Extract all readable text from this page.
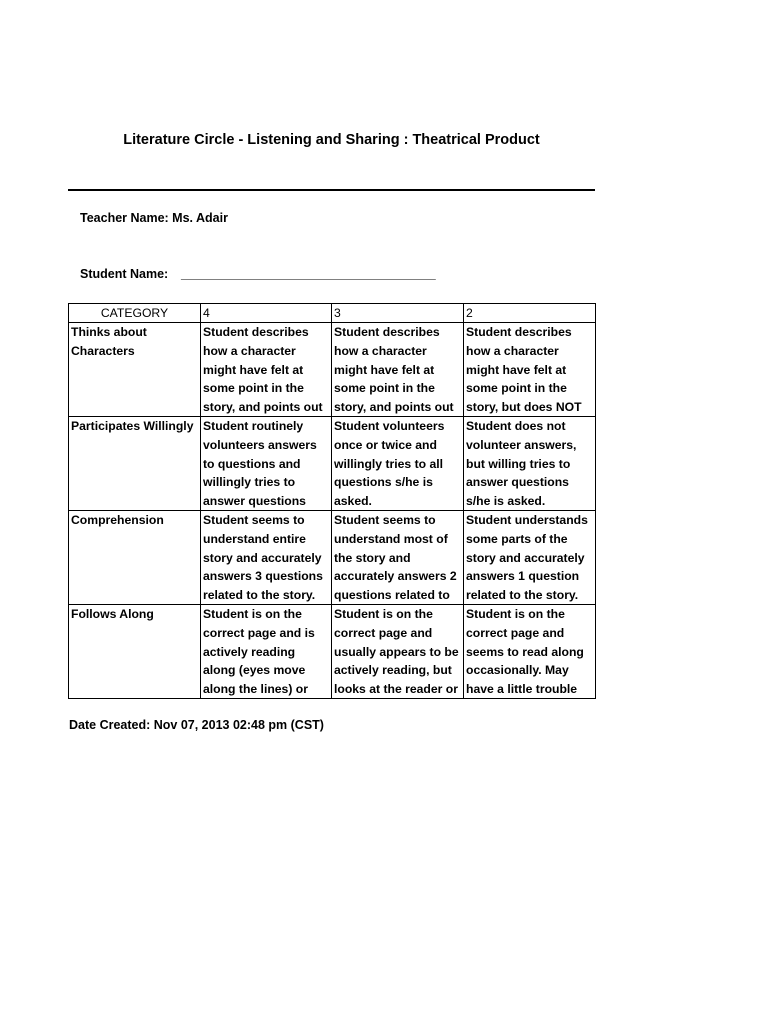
Literature Circle - Listening and Sharing : Theatrical Product
Teacher Name: Ms. Adair
Student Name: ________________________________________
CATEGORY	4	3	2

Thinks about Characters	Student describes how a character might have felt at some point in the story, and points out	Student describes how a character might have felt at some point in the story, and points out	Student describes how a character might have felt at some point in the story, but does NOT

Participates Willingly	Student routinely volunteers answers to questions and willingly tries to answer questions	Student volunteers once or twice and willingly tries to all questions s/he is asked.	Student does not volunteer answers, but willing tries to answer questions s/he is asked.

Comprehension	Student seems to understand entire story and accurately answers 3 questions related to the story.	Student seems to understand most of the story and accurately answers 2 questions related to	Student understands some parts of the story and accurately answers 1 question related to the story.

Follows Along	Student is on the correct page and is actively reading along (eyes move along the lines) or	Student is on the correct page and usually appears to be actively reading, but looks at the reader or	Student is on the correct page and seems to read along occasionally. May have a little trouble
Date Created: Nov 07, 2013 02:48 pm (CST)
